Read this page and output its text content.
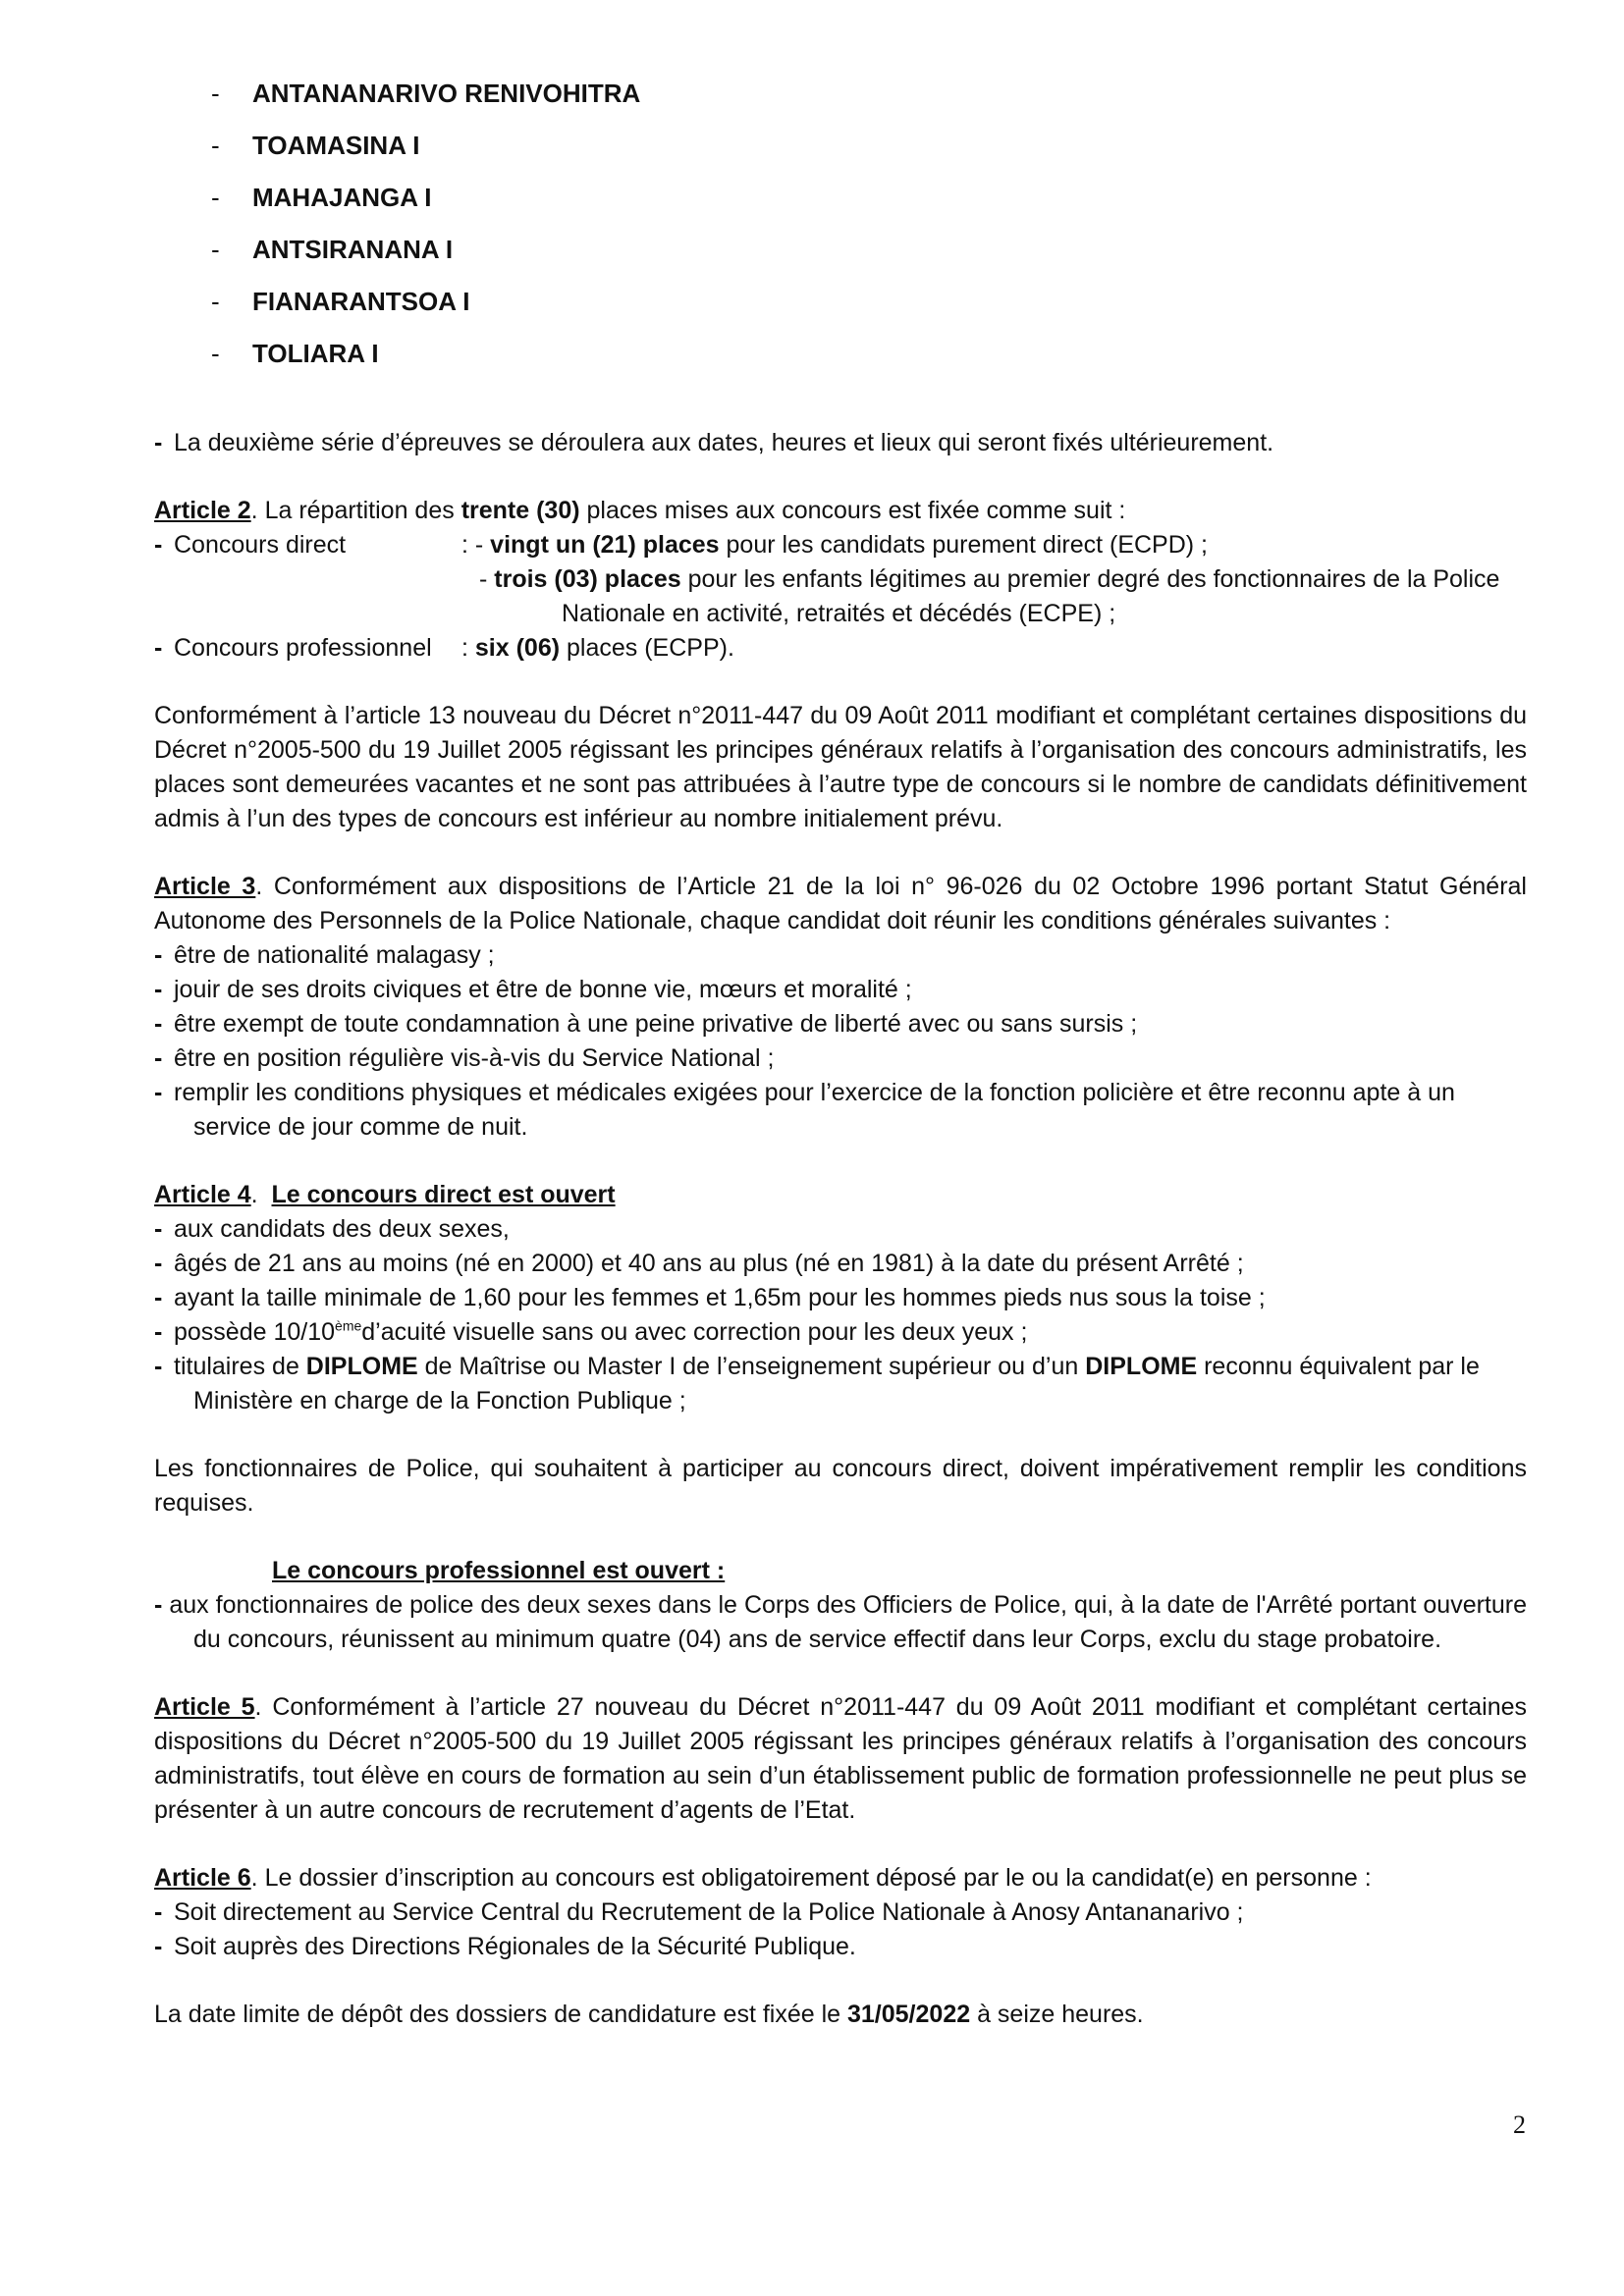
- ANTANANARIVO RENIVOHITRA
- TOAMASINA I
- MAHAJANGA I
- ANTSIRANANA I
- FIANARANTSOA I
- TOLIARA I

- La deuxième série d’épreuves se déroulera aux dates, heures et lieux qui seront fixés ultérieurement.

Article 2. La répartition des trente (30) places mises aux concours est fixée comme suit :

- Concours direct	: - vingt un (21) places pour les candidats purement direct (ECPD) ;

- trois (03) places pour les enfants légitimes au premier degré des fonctionnaires de la Police

Nationale en activité, retraités et décédés (ECPE) ;

- Concours professionnel : six (06) places (ECPP).

Conformément à l’article 13 nouveau du Décret n°2011-447 du 09 Août 2011 modifiant et complétant certaines dispositions du Décret n°2005-500 du 19 Juillet 2005 régissant les principes généraux relatifs à l’organisation des concours administratifs, les places sont demeurées vacantes et ne sont pas attribuées à l’autre type de concours si le nombre de candidats définitivement admis à l’un des types de concours est inférieur au nombre initialement prévu.

Article 3. Conformément aux dispositions de l’Article 21 de la loi n° 96-026 du 02 Octobre 1996 portant Statut Général Autonome des Personnels de la Police Nationale, chaque candidat doit réunir les conditions générales suivantes :

- être de nationalité malagasy ;

- jouir de ses droits civiques et être de bonne vie, mœurs et moralité ;

- être exempt de toute condamnation à une peine privative de liberté avec ou sans sursis ;

- être en position régulière vis-à-vis du Service National ;

- remplir les conditions physiques et médicales exigées pour l’exercice de la fonction policière et être reconnu apte à un

service de jour comme de nuit.

Article 4.  Le concours direct est ouvert

- aux candidats des deux sexes,

- âgés de 21 ans au moins (né en 2000) et 40 ans au plus (né en 1981) à la date du présent Arrêté ;

- ayant la taille minimale de 1,60 pour les femmes et 1,65m pour les hommes pieds nus sous la toise ;

- possède 10/10èmed’acuité visuelle sans ou avec correction pour les deux yeux ;

- titulaires de DIPLOME de Maîtrise ou Master I de l’enseignement supérieur ou d’un DIPLOME reconnu équivalent par le

Ministère en charge de la Fonction Publique ;

Les fonctionnaires de Police, qui souhaitent à participer au concours direct, doivent impérativement remplir les conditions requises.

Le concours professionnel est ouvert :

- aux fonctionnaires de police des deux sexes dans le Corps des Officiers de Police, qui, à la date de l'Arrêté portant ouverture du concours, réunissent au minimum quatre (04) ans de service effectif dans leur Corps, exclu du stage probatoire.

Article 5. Conformément à l’article 27 nouveau du Décret n°2011-447 du 09 Août 2011 modifiant et complétant certaines dispositions du Décret n°2005-500 du 19 Juillet 2005 régissant les principes généraux relatifs à l’organisation des concours administratifs, tout élève en cours de formation au sein d’un établissement public de formation professionnelle ne peut plus se présenter à un autre concours de recrutement d’agents de l’Etat.

Article 6. Le dossier d’inscription au concours est obligatoirement déposé par le ou la candidat(e) en personne :

- Soit directement au Service Central du Recrutement de la Police Nationale à Anosy Antananarivo ;

- Soit auprès des Directions Régionales de la Sécurité Publique.

La date limite de dépôt des dossiers de candidature est fixée le 31/05/2022 à seize heures.

2
